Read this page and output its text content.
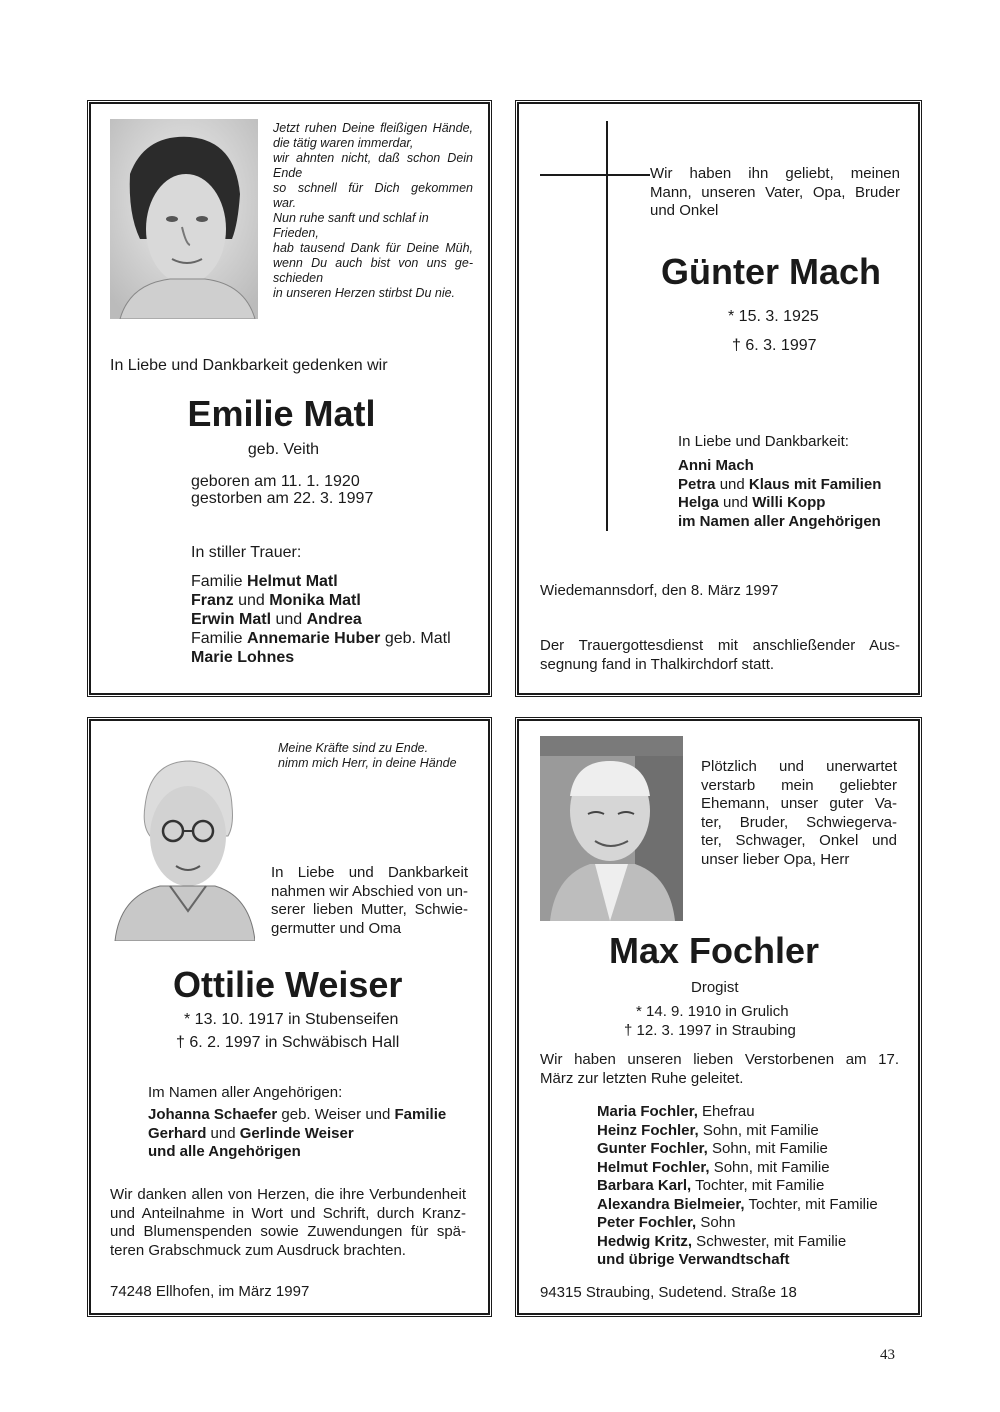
Jetzt ruhen Deine fleißigen Hände,
die tätig waren immerdar,
wir ahnten nicht, daß schon Dein
Ende
so schnell für Dich gekommen
war.
Nun ruhe sanft und schlaf in
Frieden,
hab tausend Dank für Deine Müh,
wenn Du auch bist von uns ge-
schieden
in unseren Herzen stirbst Du nie.
In Liebe und Dankbarkeit gedenken wir
Emilie Matl
geb. Veith
geboren am 11. 1. 1920
gestorben am 22. 3. 1997
In stiller Trauer:
Familie Helmut Matl
Franz und Monika Matl
Erwin Matl und Andrea
Familie Annemarie Huber geb. Matl
Marie Lohnes
Wir haben ihn geliebt, meinen
Mann, unseren Vater, Opa, Bruder
und Onkel
Günter Mach
* 15. 3. 1925
† 6. 3. 1997
In Liebe und Dankbarkeit:
Anni Mach
Petra und Klaus mit Familien
Helga und Willi Kopp
im Namen aller Angehörigen
Wiedemannsdorf, den 8. März 1997
Der Trauergottesdienst mit anschließender Aus-
segnung fand in Thalkirchdorf statt.
Meine Kräfte sind zu Ende.
nimm mich Herr, in deine Hände
In Liebe und Dankbarkeit
nahmen wir Abschied von un-
serer lieben Mutter, Schwie-
germutter und Oma
Ottilie Weiser
* 13. 10. 1917 in Stubenseifen
† 6. 2. 1997 in Schwäbisch Hall
Im Namen aller Angehörigen:
Johanna Schaefer geb. Weiser und Familie
Gerhard und Gerlinde Weiser
und alle Angehörigen
Wir danken allen von Herzen, die ihre Verbundenheit
und Anteilnahme in Wort und Schrift, durch Kranz-
und Blumenspenden sowie Zuwendungen für spä-
teren Grabschmuck zum Ausdruck brachten.
74248 Ellhofen, im März 1997
Plötzlich und unerwartet
verstarb mein geliebter
Ehemann, unser guter Va-
ter, Bruder, Schwiegerva-
ter, Schwager, Onkel und
unser lieber Opa, Herr
Max Fochler
Drogist
* 14. 9. 1910 in Grulich
† 12. 3. 1997 in Straubing
Wir haben unseren lieben Verstorbenen am 17.
März zur letzten Ruhe geleitet.
Maria Fochler, Ehefrau
Heinz Fochler, Sohn, mit Familie
Gunter Fochler, Sohn, mit Familie
Helmut Fochler, Sohn, mit Familie
Barbara Karl, Tochter, mit Familie
Alexandra Bielmeier, Tochter, mit Familie
Peter Fochler, Sohn
Hedwig Kritz, Schwester, mit Familie
und übrige Verwandtschaft
94315 Straubing, Sudetend. Straße 18
43
